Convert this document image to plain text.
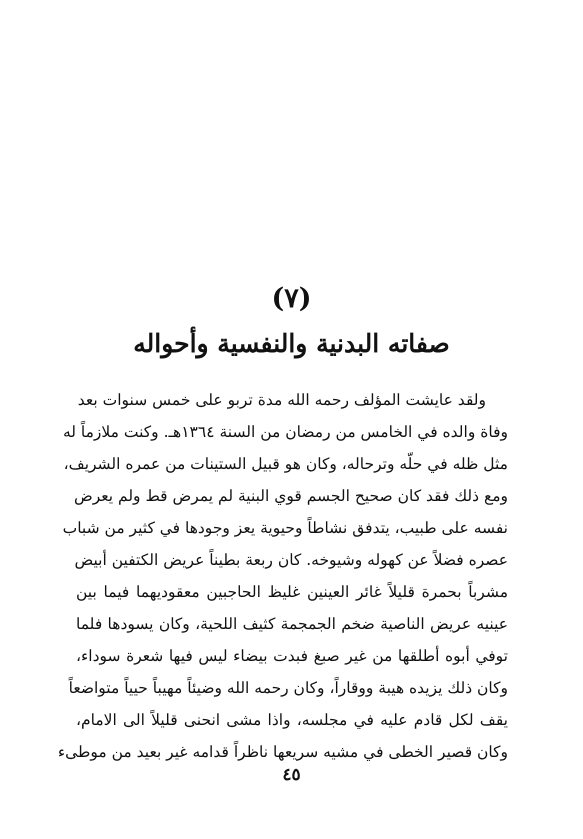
(٧)
صفاته البدنية والنفسية وأحواله
ولقد عايشت المؤلف رحمه الله مدة تربو على خمس سنوات بعد
وفاة والده في الخامس من رمضان من السنة ١٣٦٤هـ. وكنت ملازماً له
مثل ظله في حلّه وترحاله، وكان هو قبيل الستينات من عمره الشريف،
ومع ذلك فقد كان صحيح الجسم قوي البنية لم يمرض قط ولم يعرض
نفسه على طبيب، يتدفق نشاطاً وحيوية يعز وجودها في كثير من شباب
عصره فضلاً عن كهوله وشيوخه. كان ربعة بطيناً عريض الكتفين أبيض
مشرباً بحمرة قليلاً غائر العينين غليظ الحاجبين معقوديهما فيما بين
عينيه عريض الناصية ضخم الجمجمة كثيف اللحية، وكان يسودها فلما
توفي أبوه أطلقها من غير صبغ فبدت بيضاء ليس فيها شعرة سوداء،
وكان ذلك يزيده هيبة ووقاراً، وكان رحمه الله وضيئاً مهيباً حيياً متواضعاً
يقف لكل قادم عليه في مجلسه، واذا مشى انحنى قليلاً الى الامام،
وكان قصير الخطى في مشيه سريعها ناظراً قدامه غير بعيد من موطىء
٤٥
